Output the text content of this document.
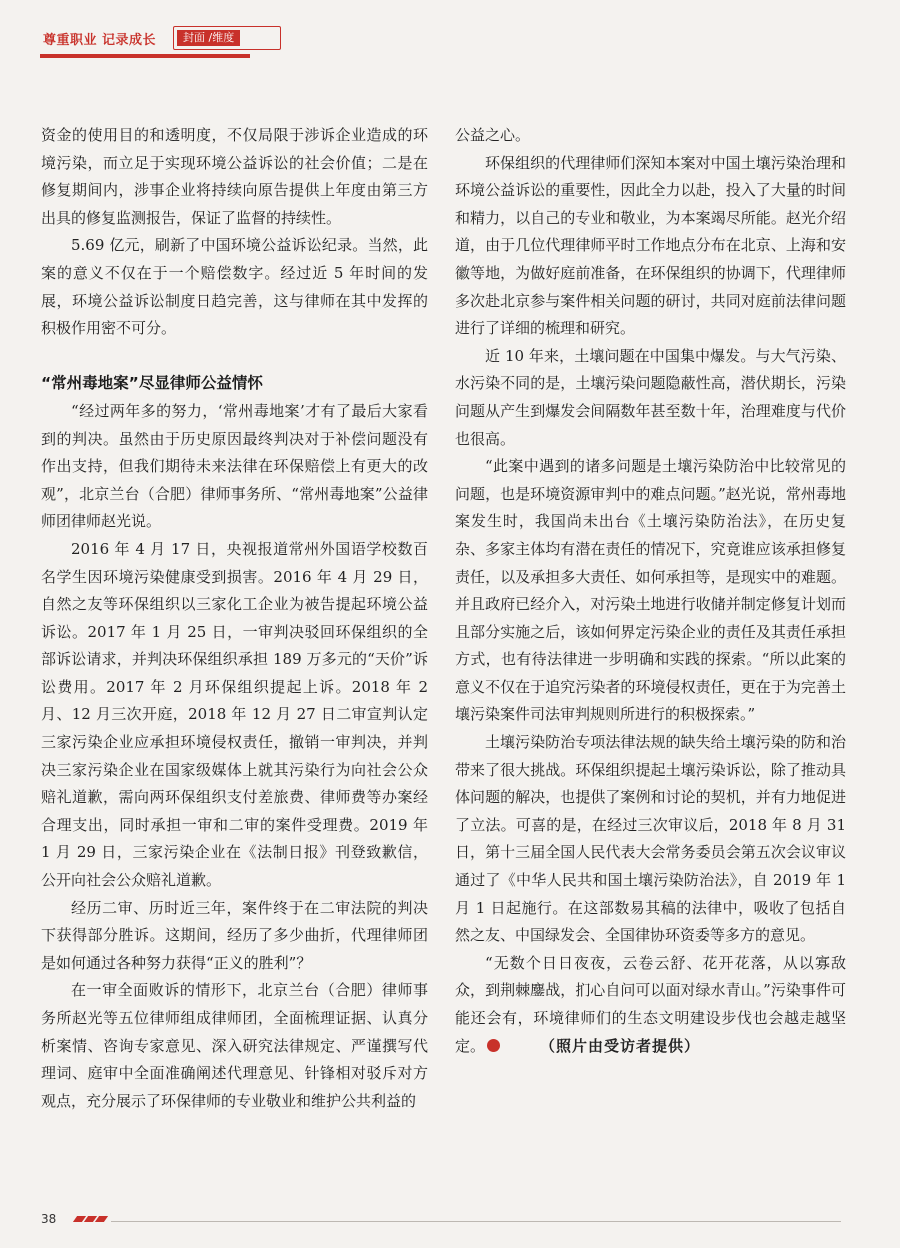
尊重职业 记录成长	封面 /维度

资金的使用目的和透明度，不仅局限于涉诉企业造成的环境污染，而立足于实现环境公益诉讼的社会价值；二是在修复期间内，涉事企业将持续向原告提供上年度由第三方出具的修复监测报告，保证了监督的持续性。

5.69 亿元，刷新了中国环境公益诉讼纪录。当然，此案的意义不仅在于一个赔偿数字。经过近 5 年时间的发展，环境公益诉讼制度日趋完善，这与律师在其中发挥的积极作用密不可分。

“常州毒地案”尽显律师公益情怀

“经过两年多的努力，‘常州毒地案’才有了最后大家看到的判决。虽然由于历史原因最终判决对于补偿问题没有作出支持，但我们期待未来法律在环保赔偿上有更大的改观”，北京兰台（合肥）律师事务所、“常州毒地案”公益律师团律师赵光说。

2016 年 4 月 17 日，央视报道常州外国语学校数百名学生因环境污染健康受到损害。2016 年 4 月 29 日，自然之友等环保组织以三家化工企业为被告提起环境公益诉讼。2017 年 1 月 25 日，一审判决驳回环保组织的全部诉讼请求，并判决环保组织承担 189 万多元的“天价”诉讼费用。2017 年 2 月环保组织提起上诉。2018 年 2 月、12 月三次开庭，2018 年 12 月 27 日二审宣判认定三家污染企业应承担环境侵权责任，撤销一审判决，并判决三家污染企业在国家级媒体上就其污染行为向社会公众赔礼道歉，需向两环保组织支付差旅费、律师费等办案经合理支出，同时承担一审和二审的案件受理费。2019 年 1 月 29 日，三家污染企业在《法制日报》刊登致歉信，公开向社会公众赔礼道歉。

经历二审、历时近三年，案件终于在二审法院的判决下获得部分胜诉。这期间，经历了多少曲折，代理律师团是如何通过各种努力获得“正义的胜利”？

在一审全面败诉的情形下，北京兰台（合肥）律师事务所赵光等五位律师组成律师团，全面梳理证据、认真分析案情、咨询专家意见、深入研究法律规定、严谨撰写代理词、庭审中全面准确阐述代理意见、针锋相对驳斥对方观点，充分展示了环保律师的专业敬业和维护公共利益的

公益之心。

环保组织的代理律师们深知本案对中国土壤污染治理和环境公益诉讼的重要性，因此全力以赴，投入了大量的时间和精力，以自己的专业和敬业，为本案竭尽所能。赵光介绍道，由于几位代理律师平时工作地点分布在北京、上海和安徽等地，为做好庭前准备，在环保组织的协调下，代理律师多次赴北京参与案件相关问题的研讨，共同对庭前法律问题进行了详细的梳理和研究。

近 10 年来，土壤问题在中国集中爆发。与大气污染、水污染不同的是，土壤污染问题隐蔽性高，潜伏期长，污染问题从产生到爆发会间隔数年甚至数十年，治理难度与代价也很高。

“此案中遇到的诸多问题是土壤污染防治中比较常见的问题，也是环境资源审判中的难点问题。”赵光说，常州毒地案发生时，我国尚未出台《土壤污染防治法》，在历史复杂、多家主体均有潜在责任的情况下，究竟谁应该承担修复责任，以及承担多大责任、如何承担等，是现实中的难题。并且政府已经介入，对污染土地进行收储并制定修复计划而且部分实施之后，该如何界定污染企业的责任及其责任承担方式，也有待法律进一步明确和实践的探索。“所以此案的意义不仅在于追究污染者的环境侵权责任，更在于为完善土壤污染案件司法审判规则所进行的积极探索。”

土壤污染防治专项法律法规的缺失给土壤污染的防和治带来了很大挑战。环保组织提起土壤污染诉讼，除了推动具体问题的解决，也提供了案例和讨论的契机，并有力地促进了立法。可喜的是，在经过三次审议后，2018 年 8 月 31 日，第十三届全国人民代表大会常务委员会第五次会议审议通过了《中华人民共和国土壤污染防治法》，自 2019 年 1 月 1 日起施行。在这部数易其稿的法律中，吸收了包括自然之友、中国绿发会、全国律协环资委等多方的意见。

“无数个日日夜夜，云卷云舒、花开花落，从以寡敌众，到荆棘鏖战，扪心自问可以面对绿水青山。”污染事件可能还会有，环境律师们的生态文明建设步伐也会越走越坚定。	（照片由受访者提供）

38
